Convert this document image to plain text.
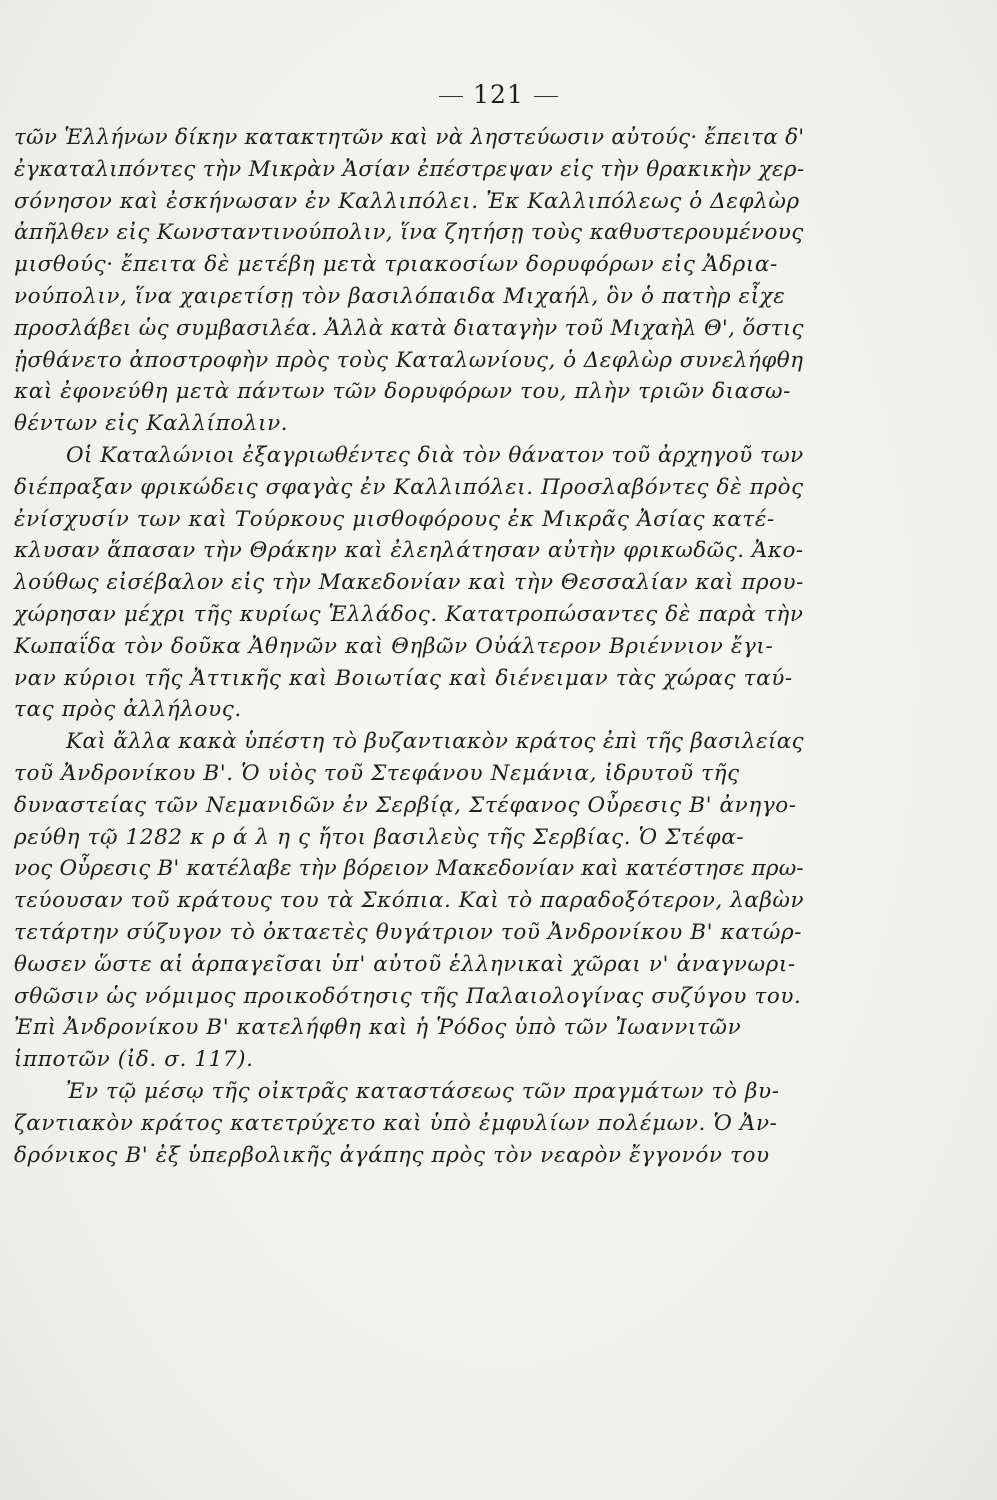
121
τῶν Ἑλλήνων δίκην κατακτητῶν καὶ νὰ ληστεύωσιν αὐτούς· ἔπειτα δ'
ἐγκαταλιπόντες τὴν Μικρὰν Ἀσίαν ἐπέστρεψαν εἰς τὴν θρακικὴν χερ-
σόνησον καὶ ἐσκήνωσαν ἐν Καλλιπόλει. Ἐκ Καλλιπόλεως ὁ Δεφλὼρ
ἀπῆλθεν εἰς Κωνσταντινούπολιν, ἵνα ζητήσῃ τοὺς καθυστερουμένους
μισθούς· ἔπειτα δὲ μετέβη μετὰ τριακοσίων δορυφόρων εἰς Ἀδρια-
νούπολιν, ἵνα χαιρετίσῃ τὸν βασιλόπαιδα Μιχαήλ, ὃν ὁ πατὴρ εἶχε
προσλάβει ὡς συμβασιλέα. Ἀλλὰ κατὰ διαταγὴν τοῦ Μιχαὴλ Θ', ὅστις
ᾐσθάνετο ἀποστροφὴν πρὸς τοὺς Καταλωνίους, ὁ Δεφλὼρ συνελήφθη
καὶ ἐφονεύθη μετὰ πάντων τῶν δορυφόρων του, πλὴν τριῶν διασω-
θέντων εἰς Καλλίπολιν.
Οἱ Καταλώνιοι ἐξαγριωθέντες διὰ τὸν θάνατον τοῦ ἀρχηγοῦ των
διέπραξαν φρικώδεις σφαγὰς ἐν Καλλιπόλει. Προσλαβόντες δὲ πρὸς
ἐνίσχυσίν των καὶ Τούρκους μισθοφόρους ἐκ Μικρᾶς Ἀσίας κατέ-
κλυσαν ἅπασαν τὴν Θράκην καὶ ἐλεηλάτησαν αὐτὴν φρικωδῶς. Ἀκο-
λούθως εἰσέβαλον εἰς τὴν Μακεδονίαν καὶ τὴν Θεσσαλίαν καὶ πρου-
χώρησαν μέχρι τῆς κυρίως Ἑλλάδος. Κατατροπώσαντες δὲ παρὰ τὴν
Κωπαΐδα τὸν δοῦκα Ἀθηνῶν καὶ Θηβῶν Οὐάλτερον Βριέννιον ἔγι-
ναν κύριοι τῆς Ἀττικῆς καὶ Βοιωτίας καὶ διένειμαν τὰς χώρας ταύ-
τας πρὸς ἀλλήλους.
Καὶ ἄλλα κακὰ ὑπέστη τὸ βυζαντιακὸν κράτος ἐπὶ τῆς βασιλείας
τοῦ Ἀνδρονίκου Β'. Ὁ υἱὸς τοῦ Στεφάνου Νεμάνια, ἱδρυτοῦ τῆς
δυναστείας τῶν Νεμανιδῶν ἐν Σερβίᾳ, Στέφανος Οὖρεσις Β' ἀνηγο-
ρεύθη τῷ 1282 κ ρ ά λ η ς ἤτοι βασιλεὺς τῆς Σερβίας. Ὁ Στέφα-
νος Οὖρεσις Β' κατέλαβε τὴν βόρειον Μακεδονίαν καὶ κατέστησε πρω-
τεύουσαν τοῦ κράτους του τὰ Σκόπια. Καὶ τὸ παραδοξότερον, λαβὼν
τετάρτην σύζυγον τὸ ὀκταετὲς θυγάτριον τοῦ Ἀνδρονίκου Β' κατώρ-
θωσεν ὥστε αἱ ἁρπαγεῖσαι ὑπ' αὐτοῦ ἑλληνικαὶ χῶραι ν' ἀναγνωρι-
σθῶσιν ὡς νόμιμος προικοδότησις τῆς Παλαιολογίνας συζύγου του.
Ἐπὶ Ἀνδρονίκου Β' κατελήφθη καὶ ἡ Ῥόδος ὑπὸ τῶν Ἰωαννιτῶν
ἱπποτῶν (ἰδ. σ. 117).
Ἐν τῷ μέσῳ τῆς οἰκτρᾶς καταστάσεως τῶν πραγμάτων τὸ βυ-
ζαντιακὸν κράτος κατετρύχετο καὶ ὑπὸ ἐμφυλίων πολέμων. Ὁ Ἀν-
δρόνικος Β' ἐξ ὑπερβολικῆς ἀγάπης πρὸς τὸν νεαρὸν ἔγγονόν του
